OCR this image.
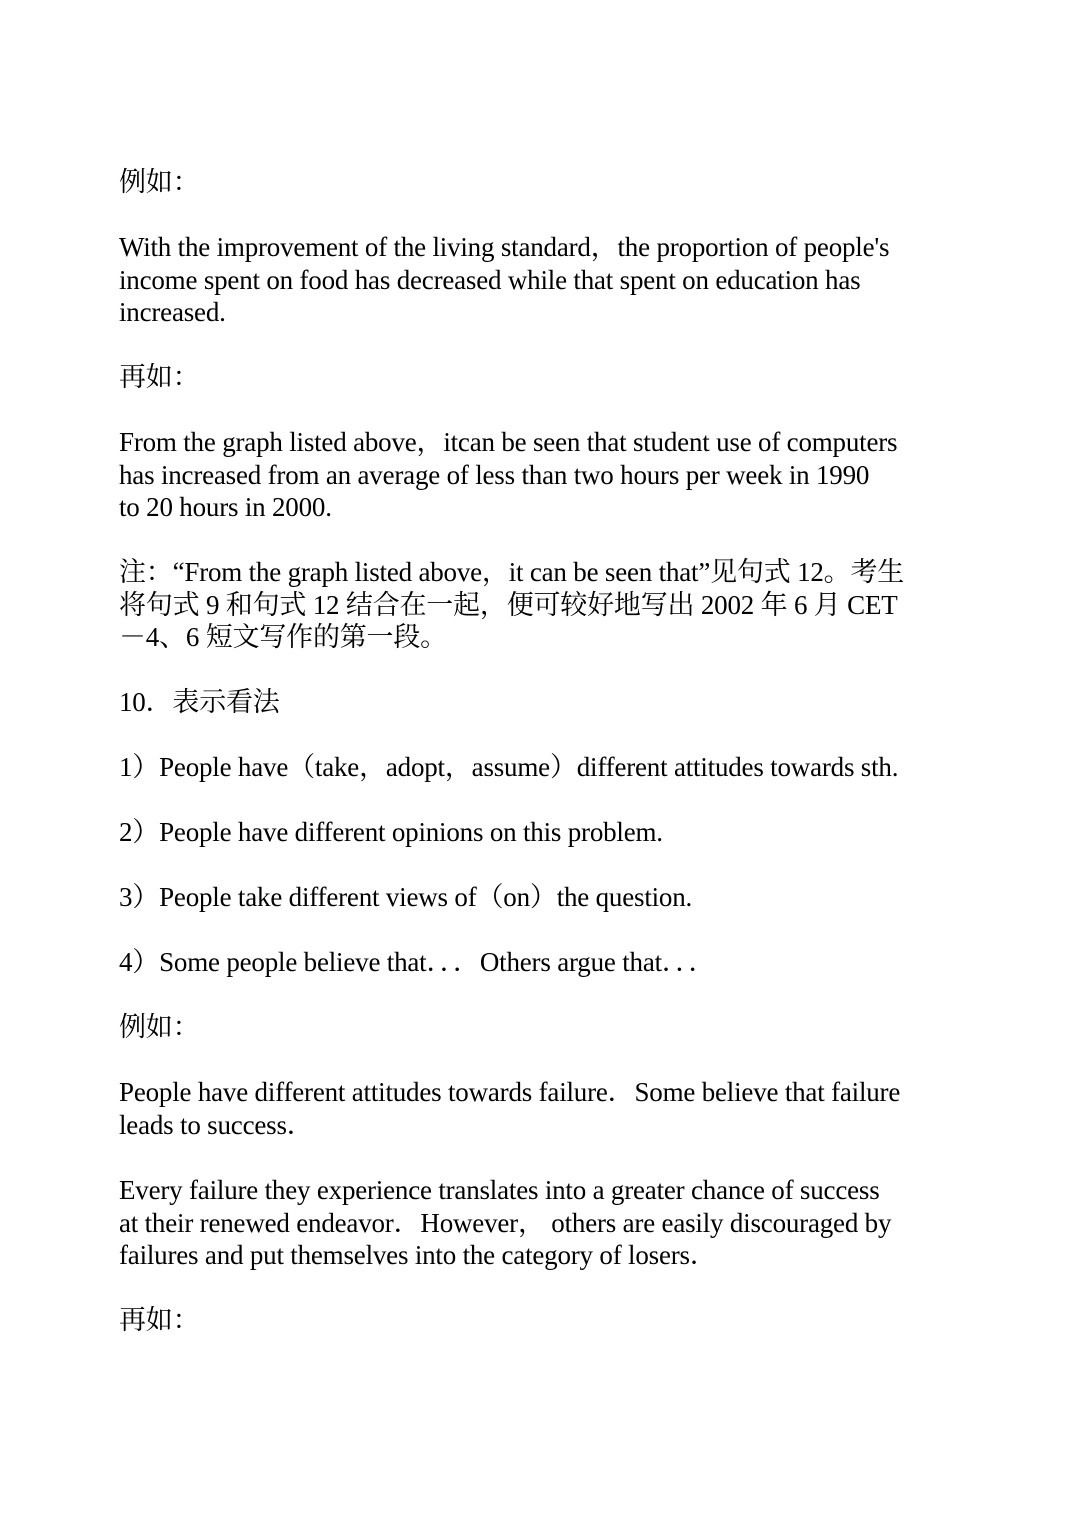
例如：
With the improvement of the living standard，the proportion of people's
income spent on food has decreased while that spent on education has
increased.
再如：
From the graph listed above，itcan be seen that student use of computers
has increased from an average of less than two hours per week in 1990
to 20 hours in 2000.
注：“From the graph listed above，it can be seen that”见句式 12。考生
将句式 9 和句式 12 结合在一起，便可较好地写出 2002 年 6 月 CET
－4、6 短文写作的第一段。
10．表示看法
1）People have（take，adopt，assume）different attitudes towards sth.
2）People have different opinions on this problem.
3）People take different views of（on）the question.
4）Some people believe that．．．Others argue that．．．
例如：
People have different attitudes towards failure．Some believe that failure
leads to success．
Every failure they experience translates into a greater chance of success
at their renewed endeavor．However， others are easily discouraged by
failures and put themselves into the category of losers．
再如：
